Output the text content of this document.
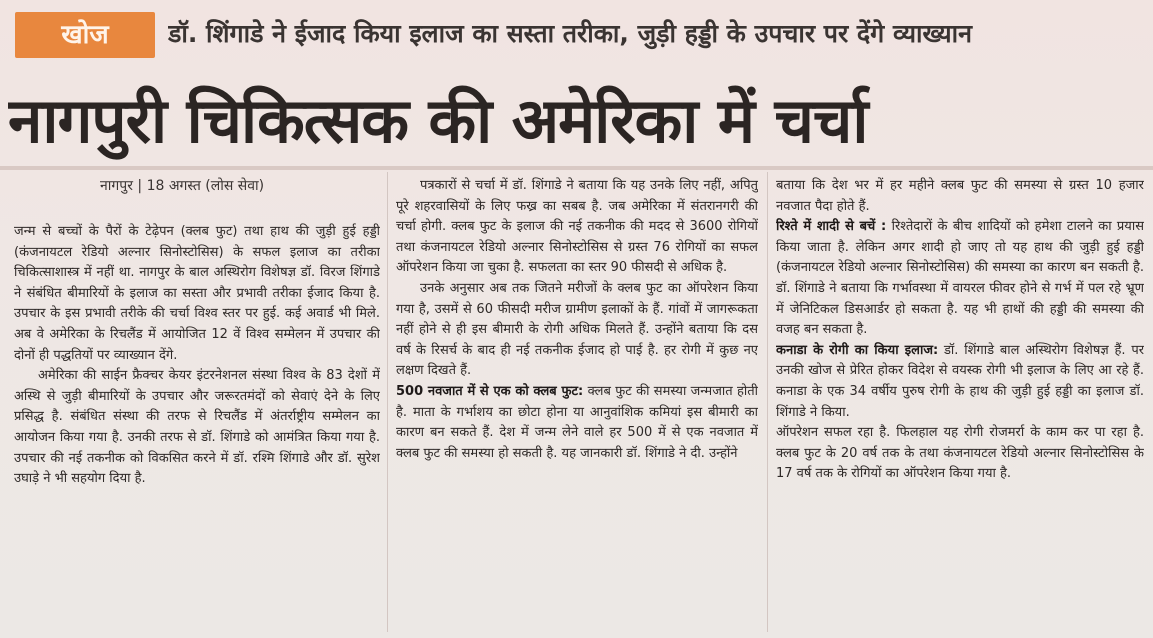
खोज	डॉ. शिंगाडे ने ईजाद किया इलाज का सस्ता तरीका, जुड़ी हड्डी के उपचार पर देंगे व्याख्यान
नागपुरी चिकित्सक की अमेरिका में चर्चा
नागपुर | 18 अगस्त (लोस सेवा)

जन्म से बच्चों के पैरों के टेढ़ेपन (क्लब फुट) तथा हाथ की जुड़ी हुई हड्डी (कंजनायटल रेडियो अल्नार सिनोस्टोसिस) के सफल इलाज का तरीका चिकित्साशास्त्र में नहीं था. नागपुर के बाल अस्थिरोग विशेषज्ञ डॉ. विरज शिंगाडे ने संबंधित बीमारियों के इलाज का सस्ता और प्रभावी तरीका ईजाद किया है. उपचार के इस प्रभावी तरीके की चर्चा विश्व स्तर पर हुई. कई अवार्ड भी मिले. अब वे अमेरिका के रिचलैंड में आयोजित 12 वें विश्व सम्मेलन में उपचार की दोनों ही पद्धतियों पर व्याख्यान देंगे.

अमेरिका की साईन फ्रैक्चर केयर इंटरनेशनल संस्था विश्व के 83 देशों में अस्थि से जुड़ी बीमारियों के उपचार और जरूरतमंदों को सेवाएं देने के लिए प्रसिद्ध है. संबंधित संस्था की तरफ से रिचलैंड में अंतर्राष्ट्रीय सम्मेलन का आयोजन किया गया है. उनकी तरफ से डॉ. शिंगाडे को आमंत्रित किया गया है. उपचार की नई तकनीक को विकसित करने में डॉ. रश्मि शिंगाडे और डॉ. सुरेश उघाड़े ने भी सहयोग दिया है.

पत्रकारों से चर्चा में डॉ. शिंगाडे ने बताया कि यह उनके लिए नहीं, अपितु पूरे शहरवासियों के लिए फख्र का सबब है. जब अमेरिका में संतरानगरी की चर्चा होगी. क्लब फुट के इलाज की नई तकनीक की मदद से 3600 रोगियों तथा कंजनायटल रेडियो अल्नार सिनोस्टोसिस से ग्रस्त 76 रोगियों का सफल ऑपरेशन किया जा चुका है. सफलता का स्तर 90 फीसदी से अधिक है.

उनके अनुसार अब तक जितने मरीजों के क्लब फुट का ऑपरेशन किया गया है, उसमें से 60 फीसदी मरीज ग्रामीण इलाकों के हैं. गांवों में जागरूकता नहीं होने से ही इस बीमारी के रोगी अधिक मिलते हैं. उन्होंने बताया कि दस वर्ष के रिसर्च के बाद ही नई तकनीक ईजाद हो पाई है. हर रोगी में कुछ नए लक्षण दिखते हैं.

500 नवजात में से एक को क्लब फुट: क्लब फुट की समस्या जन्मजात होती है. माता के गर्भाशय का छोटा होना या आनुवांशिक कमियां इस बीमारी का कारण बन सकते हैं. देश में जन्म लेने वाले हर 500 में से एक नवजात में क्लब फुट की समस्या हो सकती है. यह जानकारी डॉ. शिंगाडे ने दी. उन्होंने

बताया कि देश भर में हर महीने क्लब फुट की समस्या से ग्रस्त 10 हजार नवजात पैदा होते हैं.

रिश्ते में शादी से बचें : रिश्तेदारों के बीच शादियों को हमेशा टालने का प्रयास किया जाता है. लेकिन अगर शादी हो जाए तो यह हाथ की जुड़ी हुई हड्डी (कंजनायटल रेडियो अल्नार सिनोस्टोसिस) की समस्या का कारण बन सकती है. डॉ. शिंगाडे ने बताया कि गर्भावस्था में वायरल फीवर होने से गर्भ में पल रहे भ्रूण में जेनिटिकल डिसआर्डर हो सकता है. यह भी हाथों की हड्डी की समस्या की वजह बन सकता है.

कनाडा के रोगी का किया इलाज: डॉ. शिंगाडे बाल अस्थिरोग विशेषज्ञ हैं. पर उनकी खोज से प्रेरित होकर विदेश से वयस्क रोगी भी इलाज के लिए आ रहे हैं. कनाडा के एक 34 वर्षीय पुरुष रोगी के हाथ की जुड़ी हुई हड्डी का इलाज डॉ. शिंगाडे ने किया.

ऑपरेशन सफल रहा है. फिलहाल यह रोगी रोजमर्रा के काम कर पा रहा है. क्लब फुट के 20 वर्ष तक के तथा कंजनायटल रेडियो अल्नार सिनोस्टोसिस के 17 वर्ष तक के रोगियों का ऑपरेशन किया गया है.
